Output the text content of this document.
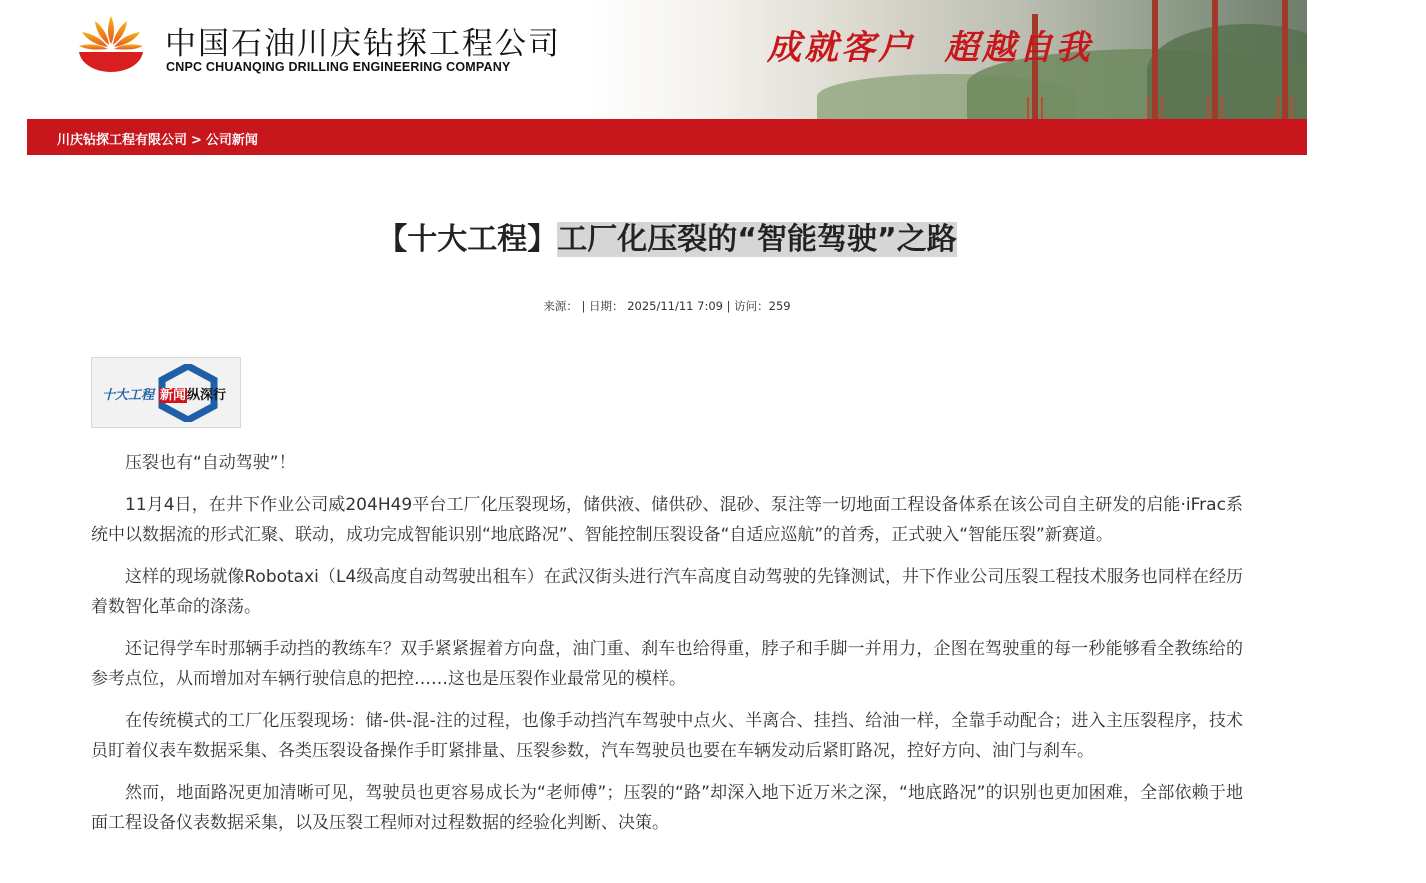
中国石油川庆钻探工程公司
CNPC CHUANQING DRILLING ENGINEERING COMPANY	成就客户  超越自我
川庆钻探工程有限公司 > 公司新闻
【十大工程】工厂化压裂的“智能驾驶”之路
来源： | 日期： 2025/11/11 7:09 | 访问：259
十大工程 新闻纵深行

压裂也有“自动驾驶”！

11月4日，在井下作业公司威204H49平台工厂化压裂现场，储供液、储供砂、混砂、泵注等一切地面工程设备体系在该公司自主研发的启能·iFrac系统中以数据流的形式汇聚、联动，成功完成智能识别“地底路况”、智能控制压裂设备“自适应巡航”的首秀，正式驶入“智能压裂”新赛道。

这样的现场就像Robotaxi（L4级高度自动驾驶出租车）在武汉街头进行汽车高度自动驾驶的先锋测试，井下作业公司压裂工程技术服务也同样在经历着数智化革命的涤荡。

还记得学车时那辆手动挡的教练车？双手紧紧握着方向盘，油门重、刹车也给得重，脖子和手脚一并用力，企图在驾驶重的每一秒能够看全教练给的参考点位，从而增加对车辆行驶信息的把控……这也是压裂作业最常见的模样。

在传统模式的工厂化压裂现场：储-供-混-注的过程，也像手动挡汽车驾驶中点火、半离合、挂挡、给油一样，全靠手动配合；进入主压裂程序，技术员盯着仪表车数据采集、各类压裂设备操作手盯紧排量、压裂参数，汽车驾驶员也要在车辆发动后紧盯路况，控好方向、油门与刹车。

然而，地面路况更加清晰可见，驾驶员也更容易成长为“老师傅”；压裂的“路”却深入地下近万米之深，“地底路况”的识别也更加困难，全部依赖于地面工程设备仪表数据采集，以及压裂工程师对过程数据的经验化判断、决策。
